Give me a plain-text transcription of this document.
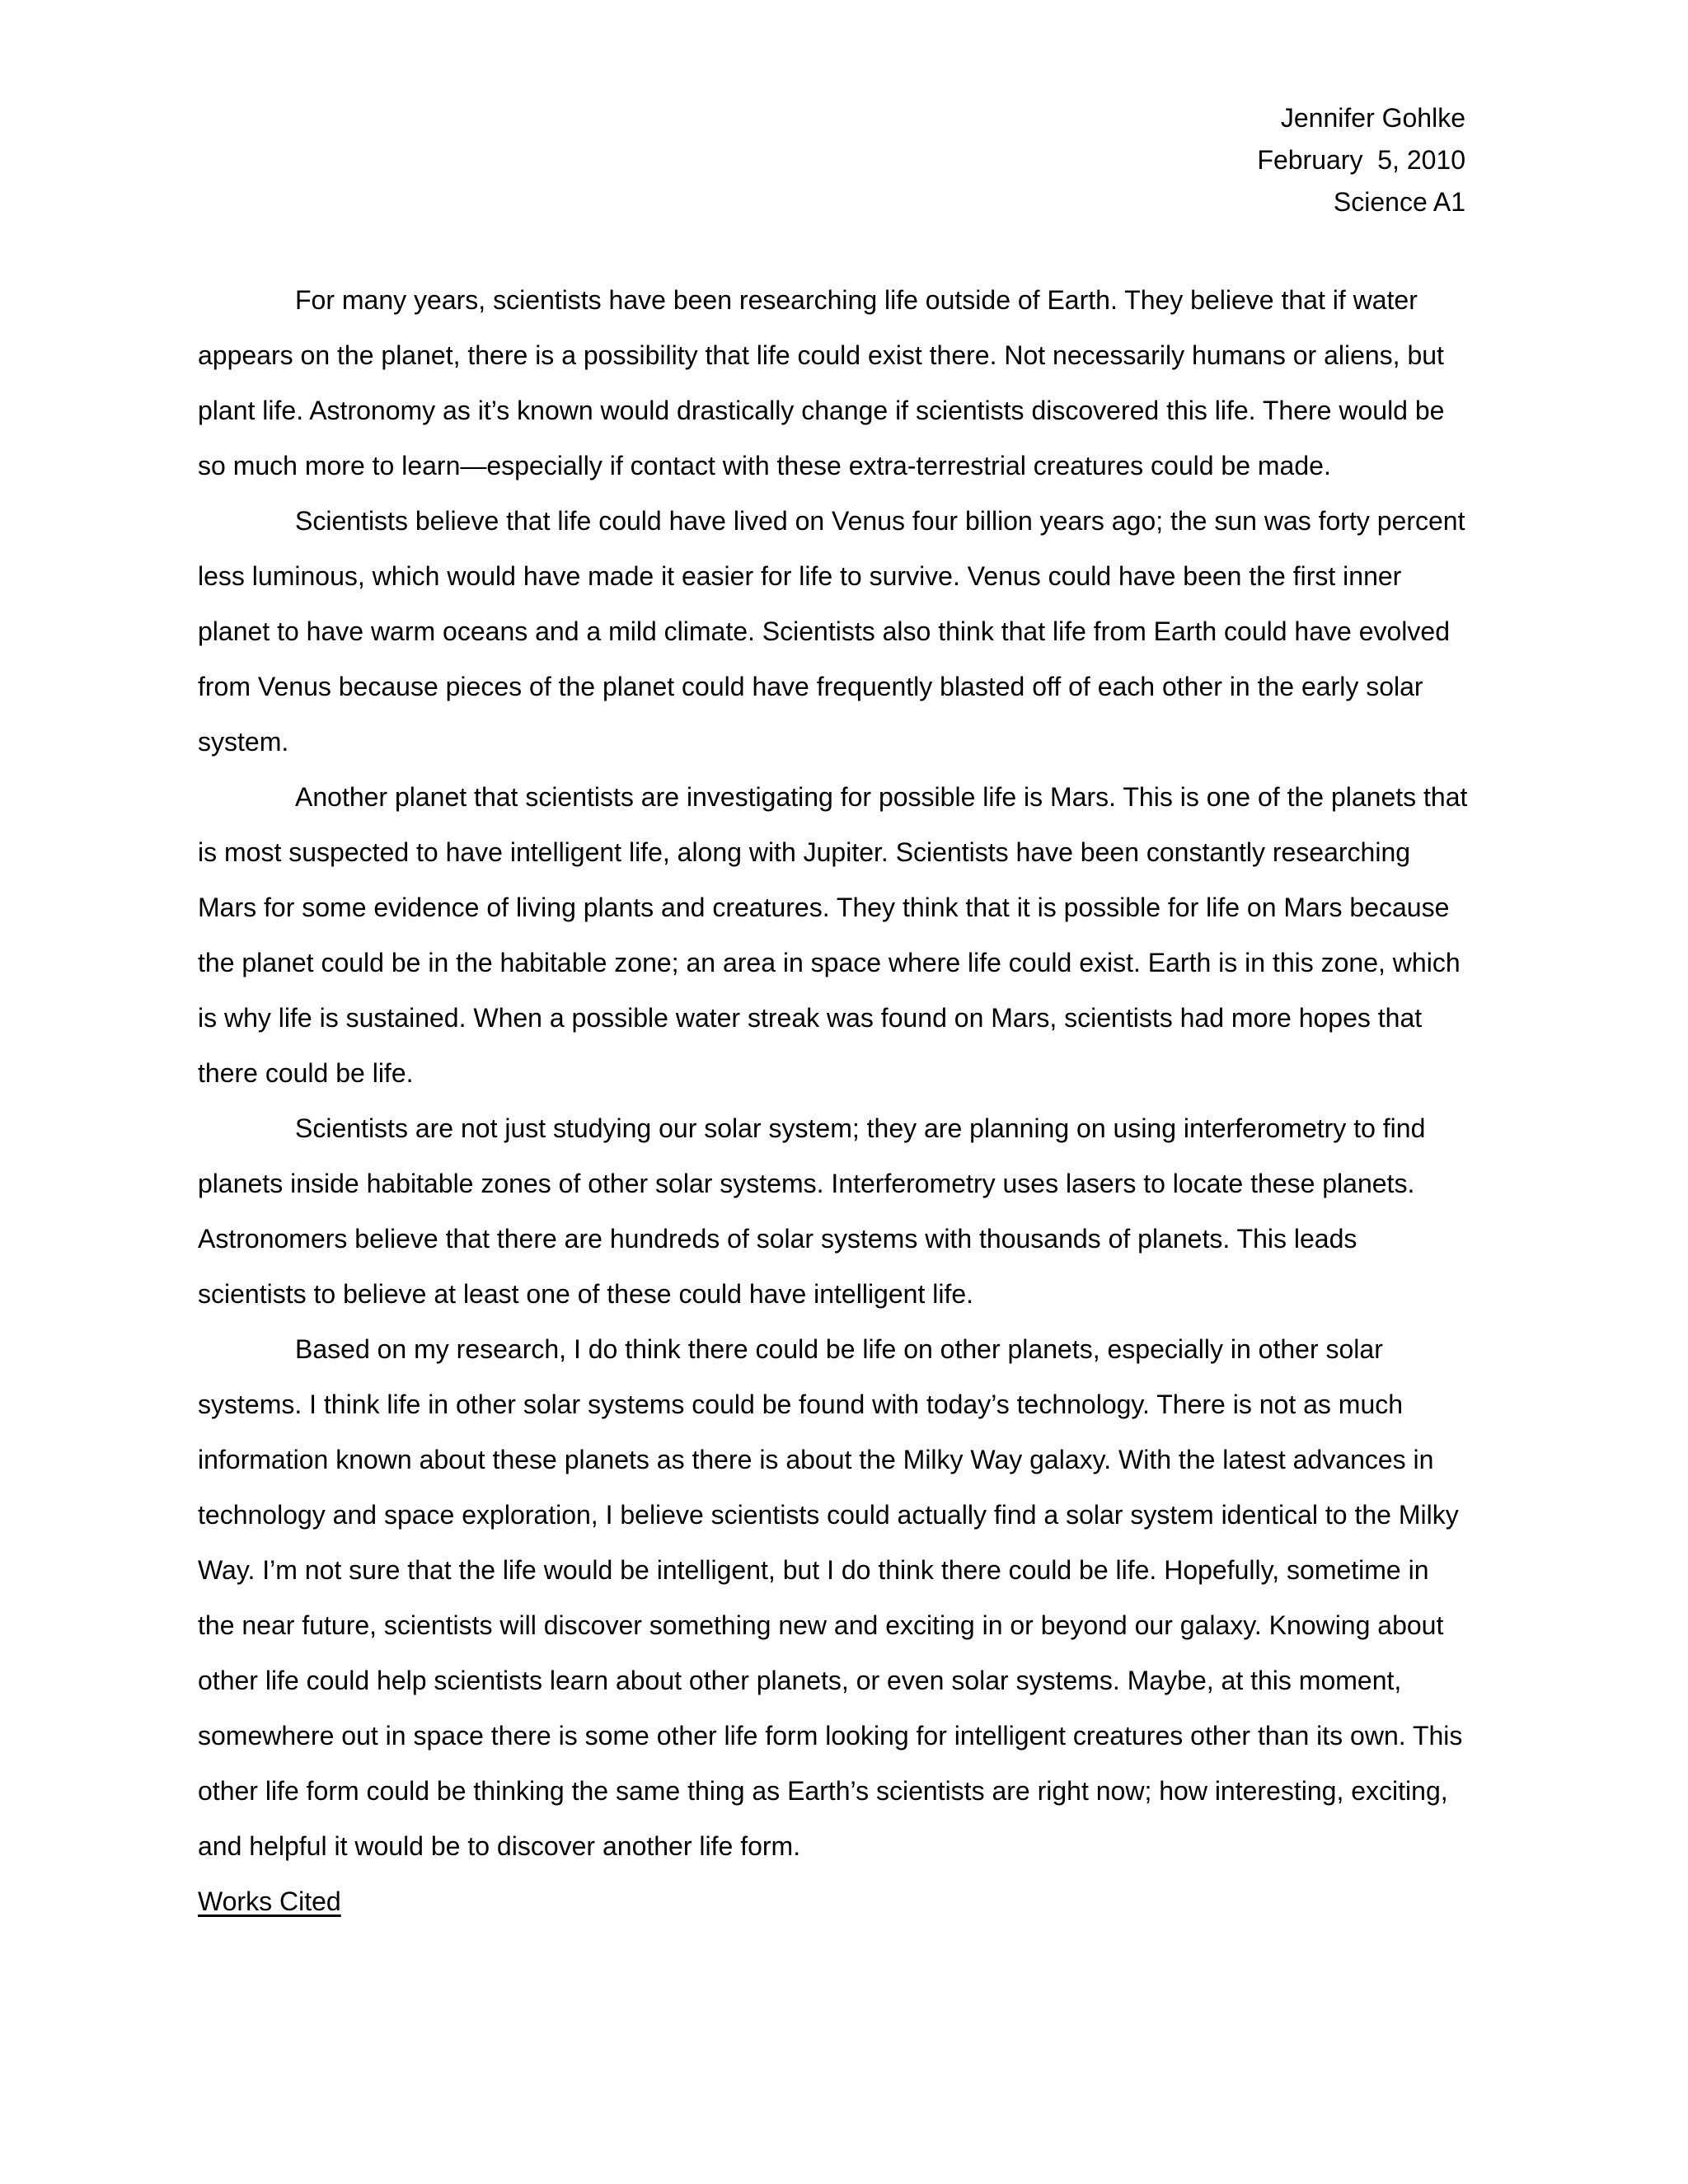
Jennifer Gohlke
February  5, 2010
Science A1

For many years, scientists have been researching life outside of Earth. They believe that if water appears on the planet, there is a possibility that life could exist there. Not necessarily humans or aliens, but plant life. Astronomy as it’s known would drastically change if scientists discovered this life. There would be so much more to learn—especially if contact with these extra-terrestrial creatures could be made.

Scientists believe that life could have lived on Venus four billion years ago; the sun was forty percent less luminous, which would have made it easier for life to survive. Venus could have been the first inner planet to have warm oceans and a mild climate. Scientists also think that life from Earth could have evolved from Venus because pieces of the planet could have frequently blasted off of each other in the early solar system.

Another planet that scientists are investigating for possible life is Mars. This is one of the planets that is most suspected to have intelligent life, along with Jupiter. Scientists have been constantly researching Mars for some evidence of living plants and creatures. They think that it is possible for life on Mars because the planet could be in the habitable zone; an area in space where life could exist. Earth is in this zone, which is why life is sustained. When a possible water streak was found on Mars, scientists had more hopes that there could be life.

Scientists are not just studying our solar system; they are planning on using interferometry to find planets inside habitable zones of other solar systems. Interferometry uses lasers to locate these planets. Astronomers believe that there are hundreds of solar systems with thousands of planets. This leads scientists to believe at least one of these could have intelligent life.

Based on my research, I do think there could be life on other planets, especially in other solar systems. I think life in other solar systems could be found with today’s technology. There is not as much information known about these planets as there is about the Milky Way galaxy. With the latest advances in technology and space exploration, I believe scientists could actually find a solar system identical to the Milky Way. I’m not sure that the life would be intelligent, but I do think there could be life. Hopefully, sometime in the near future, scientists will discover something new and exciting in or beyond our galaxy. Knowing about other life could help scientists learn about other planets, or even solar systems. Maybe, at this moment, somewhere out in space there is some other life form looking for intelligent creatures other than its own. This other life form could be thinking the same thing as Earth’s scientists are right now; how interesting, exciting, and helpful it would be to discover another life form.

Works Cited
